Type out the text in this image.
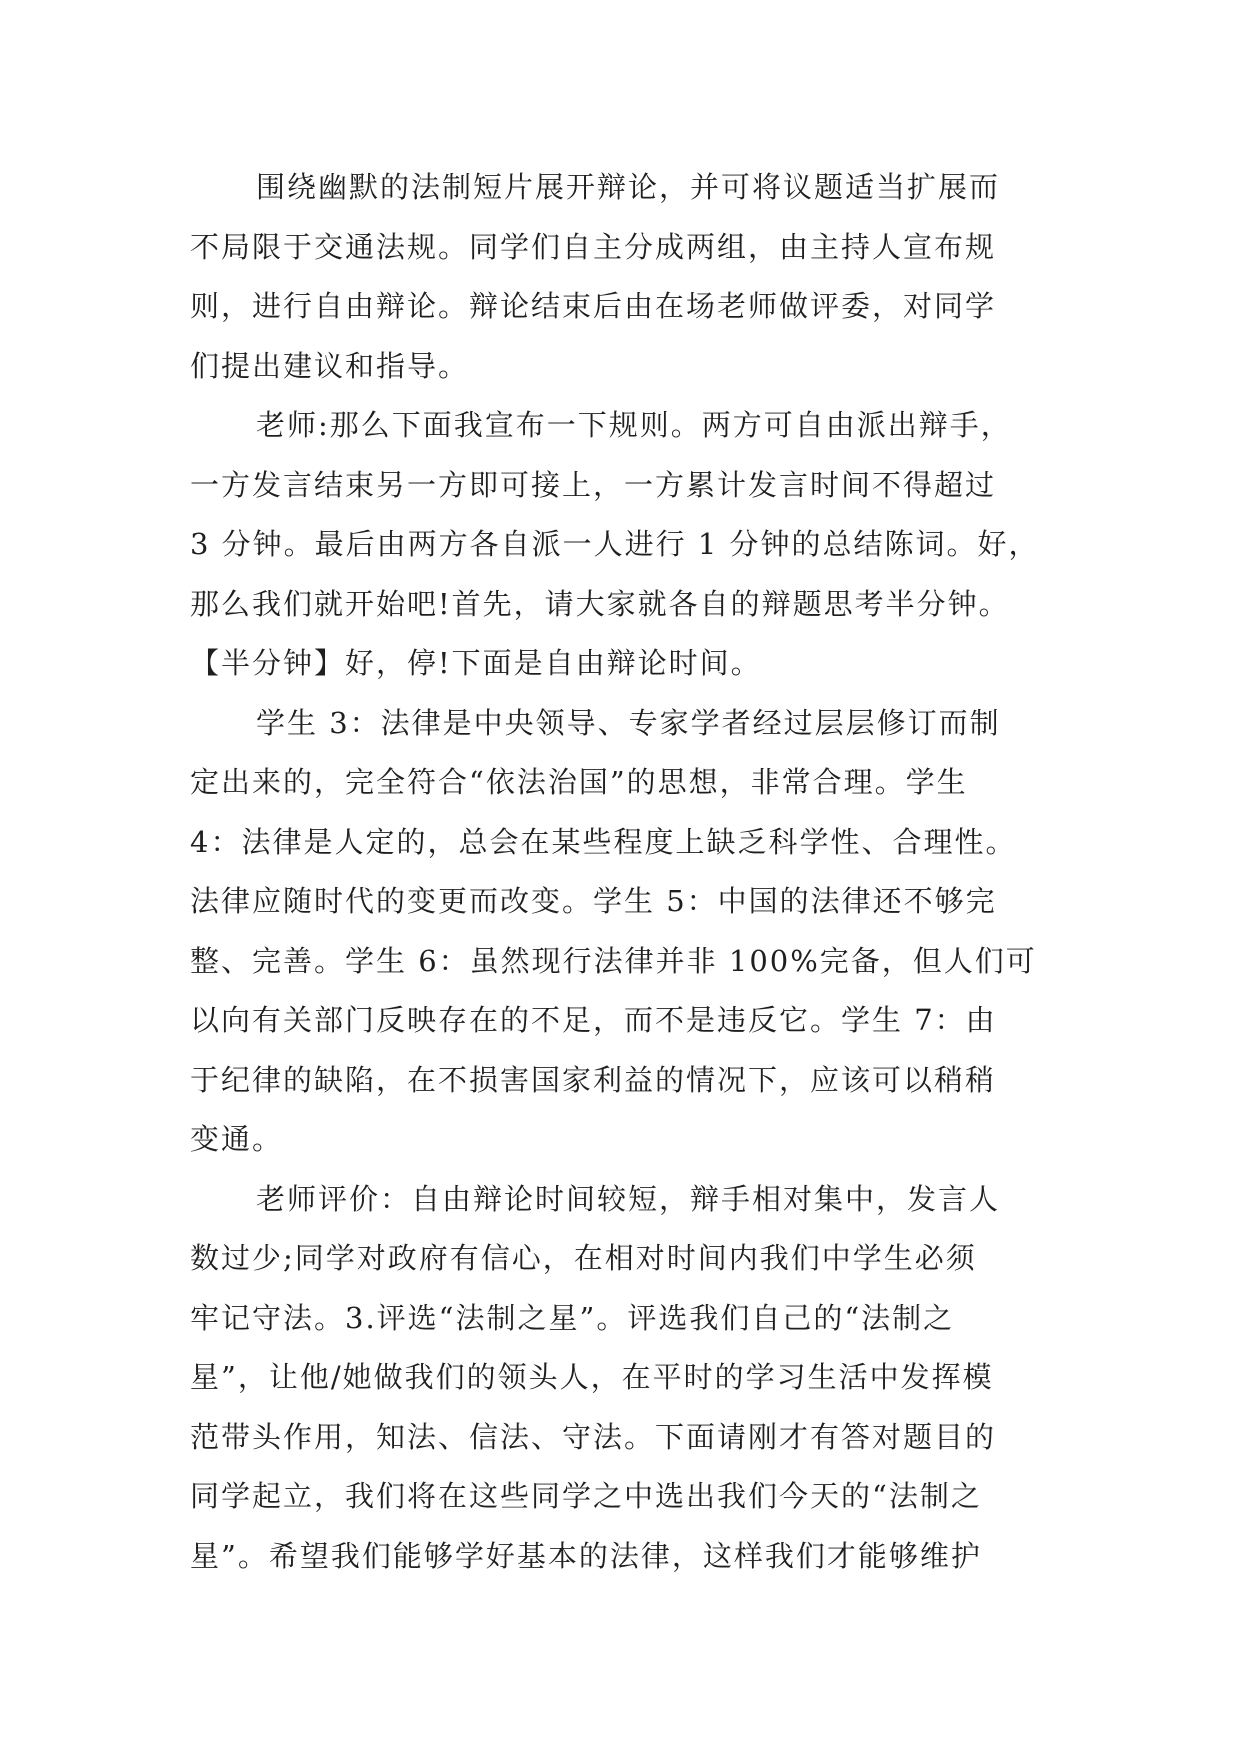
围绕幽默的法制短片展开辩论，并可将议题适当扩展而
不局限于交通法规。同学们自主分成两组，由主持人宣布规
则，进行自由辩论。辩论结束后由在场老师做评委，对同学
们提出建议和指导。
老师:那么下面我宣布一下规则。两方可自由派出辩手，
一方发言结束另一方即可接上，一方累计发言时间不得超过
3 分钟。最后由两方各自派一人进行 1 分钟的总结陈词。好，
那么我们就开始吧!首先，请大家就各自的辩题思考半分钟。
【半分钟】好，停!下面是自由辩论时间。
学生 3：法律是中央领导、专家学者经过层层修订而制
定出来的，完全符合“依法治国”的思想，非常合理。学生
4：法律是人定的，总会在某些程度上缺乏科学性、合理性。
法律应随时代的变更而改变。学生 5：中国的法律还不够完
整、完善。学生 6：虽然现行法律并非 100%完备，但人们可
以向有关部门反映存在的不足，而不是违反它。学生 7：由
于纪律的缺陷，在不损害国家利益的情况下，应该可以稍稍
变通。
老师评价：自由辩论时间较短，辩手相对集中，发言人
数过少;同学对政府有信心，在相对时间内我们中学生必须
牢记守法。3.评选“法制之星”。评选我们自己的“法制之
星”，让他/她做我们的领头人，在平时的学习生活中发挥模
范带头作用，知法、信法、守法。下面请刚才有答对题目的
同学起立，我们将在这些同学之中选出我们今天的“法制之
星”。希望我们能够学好基本的法律，这样我们才能够维护
